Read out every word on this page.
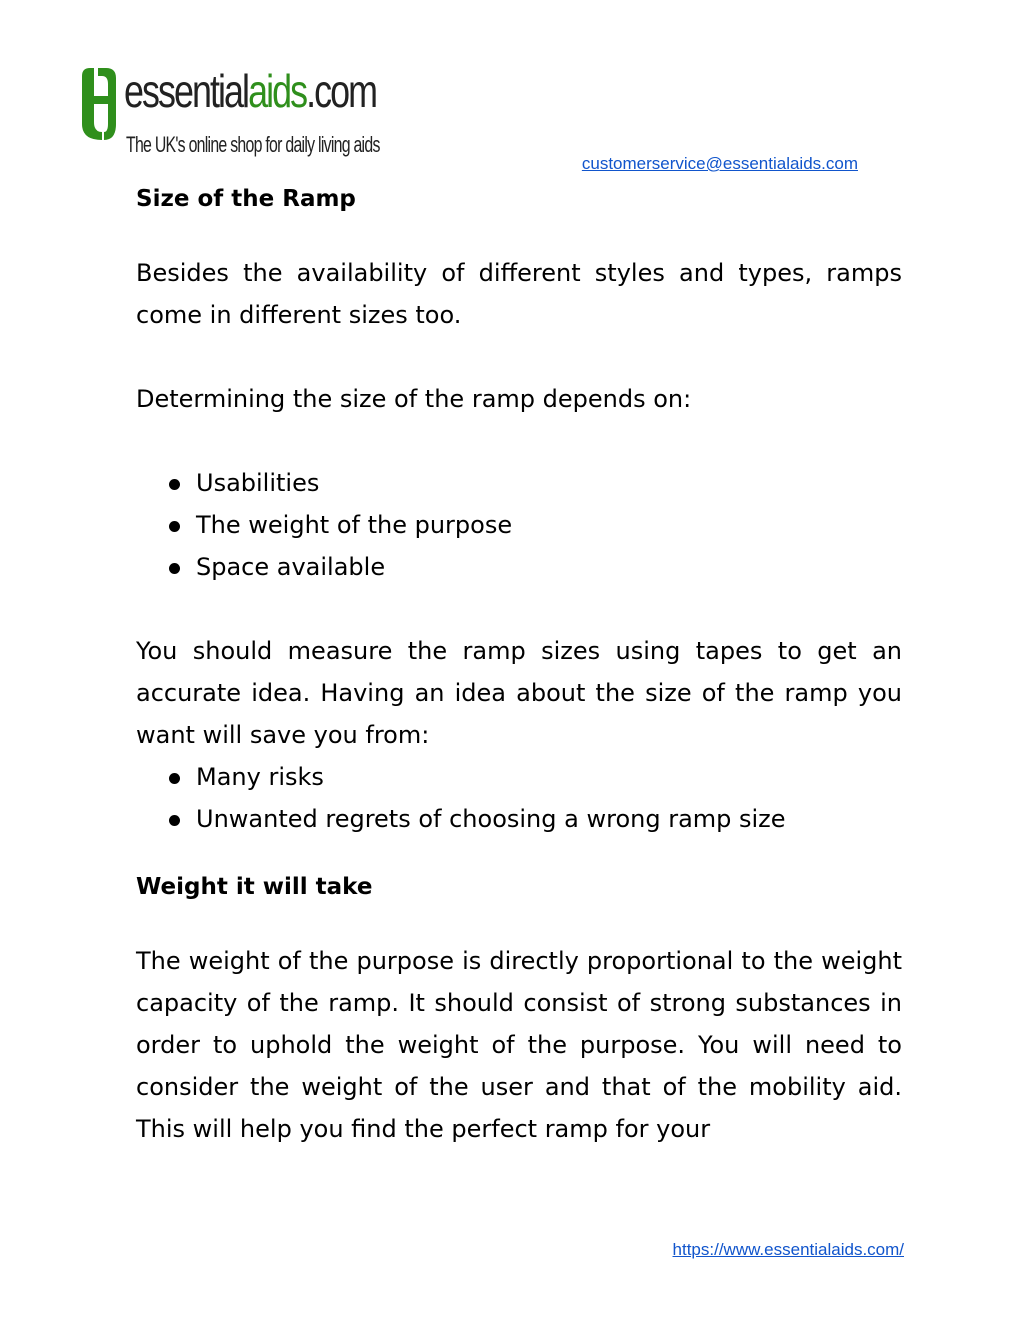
essentialaids.com
The UK's online shop for daily living aids
customerservice@essentialaids.com

Size of the Ramp

Besides the availability of different styles and types, ramps come in different sizes too.

Determining the size of the ramp depends on:

Usabilities
The weight of the purpose
Space available

You should measure the ramp sizes using tapes to get an accurate idea. Having an idea about the size of the ramp you want will save you from:

Many risks
Unwanted regrets of choosing a wrong ramp size

Weight it will take

The weight of the purpose is directly proportional to the weight capacity of the ramp. It should consist of strong substances in order to uphold the weight of the purpose. You will need to consider the weight of the user and that of the mobility aid. This will help you find the perfect ramp for your

https://www.essentialaids.com/
